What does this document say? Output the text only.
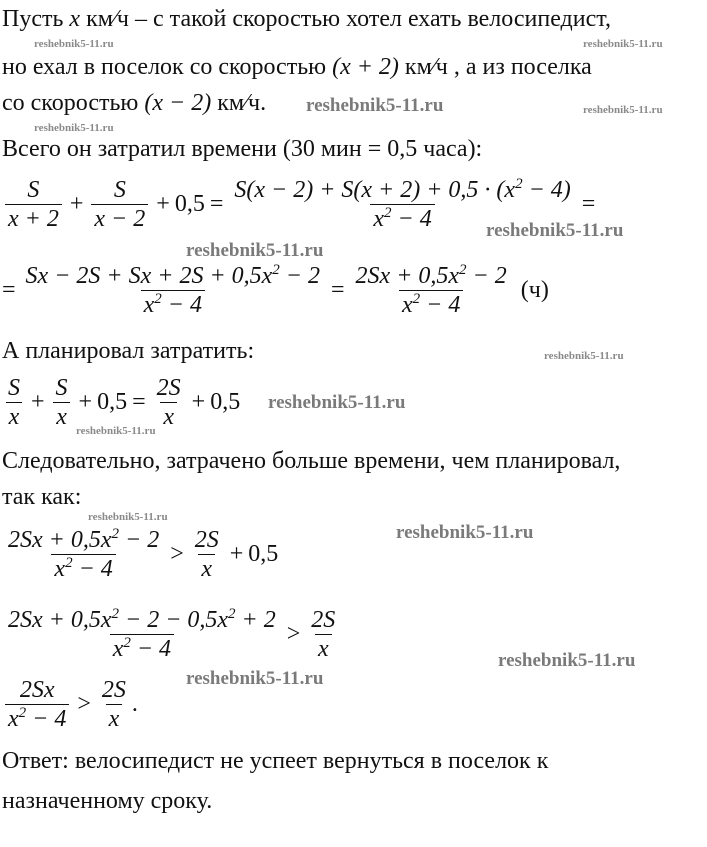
Пусть x км⁄ч – с такой скоростью хотел ехать велосипедист,
но ехал в поселок со скоростью (x + 2) км⁄ч , а из поселка
со скоростью (x − 2) км⁄ч.
Всего он затратил времени (30 мин = 0,5 часа):
$\frac{S}{x + 2} + \frac{S}{x - 2} + 0,5 = \frac{S(x - 2) + S(x + 2) + 0,5 \cdot (x^2 - 4)}{x^2 - 4}$ =
= $\frac{Sx - 2S + Sx + 2S + 0,5x^2 - 2}{x^2 - 4} = \frac{2Sx + 0,5x^2 - 2}{x^2 - 4} (ч)$
А планировал затратить:
$\frac{S}{x} + \frac{S}{x} + 0,5 = \frac{2S}{x} + 0,5$
Следовательно, затрачено больше времени, чем планировал,
так как:
$\frac{2Sx + 0,5x^2 - 2}{x^2 - 4} > \frac{2S}{x} + 0,5$
$\frac{2Sx + 0,5x^2 - 2 - 0,5x^2 + 2}{x^2 - 4} > \frac{2S}{x}$
$\frac{2Sx}{x^2 - 4} > \frac{2S}{x}$ .
Ответ: велосипедист не успеет вернуться в поселок к
назначенному сроку.
reshebnik5-11.ru	reshebnik5-11.ru
reshebnik5-11.ru	reshebnik5-11.ru
reshebnik5-11.ru
reshebnik5-11.ru
reshebnik5-11.ru
reshebnik5-11.ru
reshebnik5-11.ru
reshebnik5-11.ru
reshebnik5-11.ru
reshebnik5-11.ru
reshebnik5-11.ru
reshebnik5-11.ru
